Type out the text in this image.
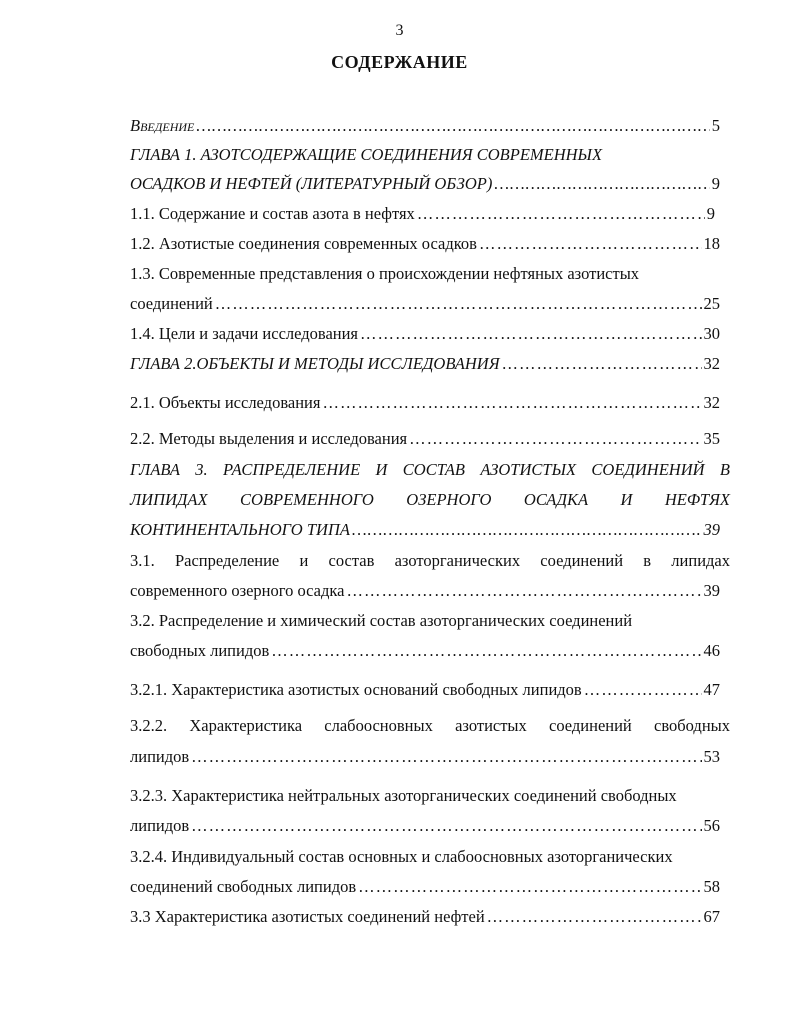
3
СОДЕРЖАНИЕ
Введение ……………………………………………………………………………………………………………………………………………………………………………………	5
ГЛАВА 1. АЗОТСОДЕРЖАЩИЕ СОЕДИНЕНИЯ СОВРЕМЕННЫХ
ОСАДКОВ И НЕФТЕЙ (ЛИТЕРАТУРНЫЙ ОБЗОР) ……………………………………………………………………………………………………………………………………………………………………………………	9
1.1. Содержание и состав азота в нефтях ……………………………………………………………………………………………………………………………………………………………………………………	9
1.2. Азотистые соединения современных осадков ……………………………………………………………………………………………………………………………………………………………………………………	18
1.3. Современные представления о происхождении нефтяных азотистых
соединений ……………………………………………………………………………………………………………………………………………………………………………………	25
1.4. Цели и задачи исследования ……………………………………………………………………………………………………………………………………………………………………………………	30
ГЛАВА 2.ОБЪЕКТЫ И МЕТОДЫ ИССЛЕДОВАНИЯ ……………………………………………………………………………………………………………………………………………………………………………………	32
2.1. Объекты исследования ……………………………………………………………………………………………………………………………………………………………………………………	32
2.2. Методы выделения и исследования ……………………………………………………………………………………………………………………………………………………………………………………	35
ГЛАВА 3. РАСПРЕДЕЛЕНИЕ И СОСТАВ АЗОТИСТЫХ СОЕДИНЕНИЙ В
ЛИПИДАХ СОВРЕМЕННОГО ОЗЕРНОГО ОСАДКА И НЕФТЯХ
КОНТИНЕНТАЛЬНОГО ТИПА ……………………………………………………………………………………………………………………………………………………………………………………	39
3.1. Распределение и состав азоторганических соединений в липидах
современного озерного осадка ……………………………………………………………………………………………………………………………………………………………………………………	39
3.2. Распределение и химический состав азоторганических соединений
свободных липидов ……………………………………………………………………………………………………………………………………………………………………………………	46
3.2.1. Характеристика азотистых оснований свободных липидов ……………………………………………………………………………………………………………………………………………………………………………………	47
3.2.2. Характеристика слабоосновных азотистых соединений свободных
липидов ……………………………………………………………………………………………………………………………………………………………………………………	53
3.2.3. Характеристика нейтральных азоторганических соединений свободных
липидов ……………………………………………………………………………………………………………………………………………………………………………………	56
3.2.4. Индивидуальный состав основных и слабоосновных азоторганических
соединений свободных липидов ……………………………………………………………………………………………………………………………………………………………………………………	58
3.3 Характеристика азотистых соединений нефтей ……………………………………………………………………………………………………………………………………………………………………………………	67
